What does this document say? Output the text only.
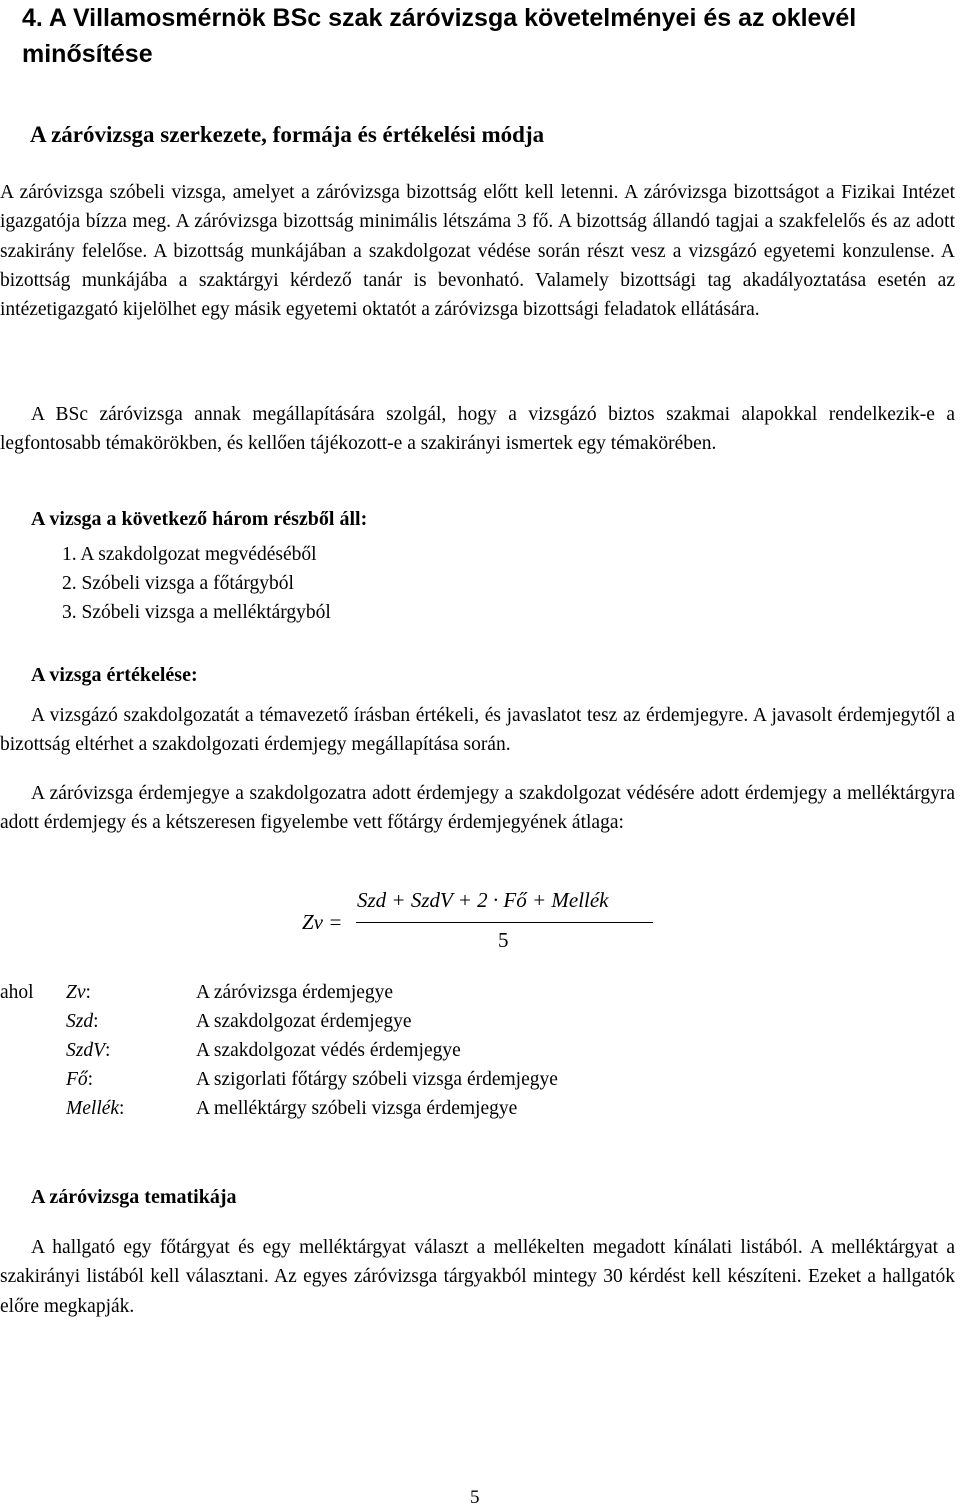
4. A Villamosmérnök BSc szak záróvizsga követelményei és az oklevél minősítése
A záróvizsga szerkezete, formája és értékelési módja

A záróvizsga szóbeli vizsga, amelyet a záróvizsga bizottság előtt kell letenni. A záróvizsga bizottságot a Fizikai Intézet igazgatója bízza meg. A záróvizsga bizottság minimális létszáma 3 fő. A bizottság állandó tagjai a szakfelelős és az adott szakirány felelőse. A bizottság munkájában a szakdolgozat védése során részt vesz a vizsgázó egyetemi konzulense. A bizottság munkájába a szaktárgyi kérdező tanár is bevonható. Valamely bizottsági tag akadályoztatása esetén az intézetigazgató kijelölhet egy másik egyetemi oktatót a záróvizsga bizottsági feladatok ellátására.

A BSc záróvizsga annak megállapítására szolgál, hogy a vizsgázó biztos szakmai alapokkal rendelkezik-e a legfontosabb témakörökben, és kellően tájékozott-e a szakirányi ismertek egy témakörében.

A vizsga a következő három részből áll:

1. A szakdolgozat megvédéséből

2. Szóbeli vizsga a főtárgyból

3. Szóbeli vizsga a melléktárgyból

A vizsga értékelése:

A vizsgázó szakdolgozatát a témavezető írásban értékeli, és javaslatot tesz az érdemjegyre. A javasolt érdemjegytől a bizottság eltérhet a szakdolgozati érdemjegy megállapítása során.

A záróvizsga érdemjegye a szakdolgozatra adott érdemjegy a szakdolgozat védésére adott érdemjegy a melléktárgyra adott érdemjegy és a kétszeresen figyelembe vett főtárgy érdemjegyének átlaga:

Zv =
Szd + SzdV + 2 · Fő + Mellék
5
ahol Zv:	A záróvizsga érdemjegye
Szd:	A szakdolgozat érdemjegye
SzdV:	A szakdolgozat védés érdemjegye
Fő:	A szigorlati főtárgy szóbeli vizsga érdemjegye
Mellék:	A melléktárgy szóbeli vizsga érdemjegye
A záróvizsga tematikája

A hallgató egy főtárgyat és egy melléktárgyat választ a mellékelten megadott kínálati listából. A melléktárgyat a szakirányi listából kell választani. Az egyes záróvizsga tárgyakból mintegy 30 kérdést kell készíteni. Ezeket a hallgatók előre megkapják.

5
